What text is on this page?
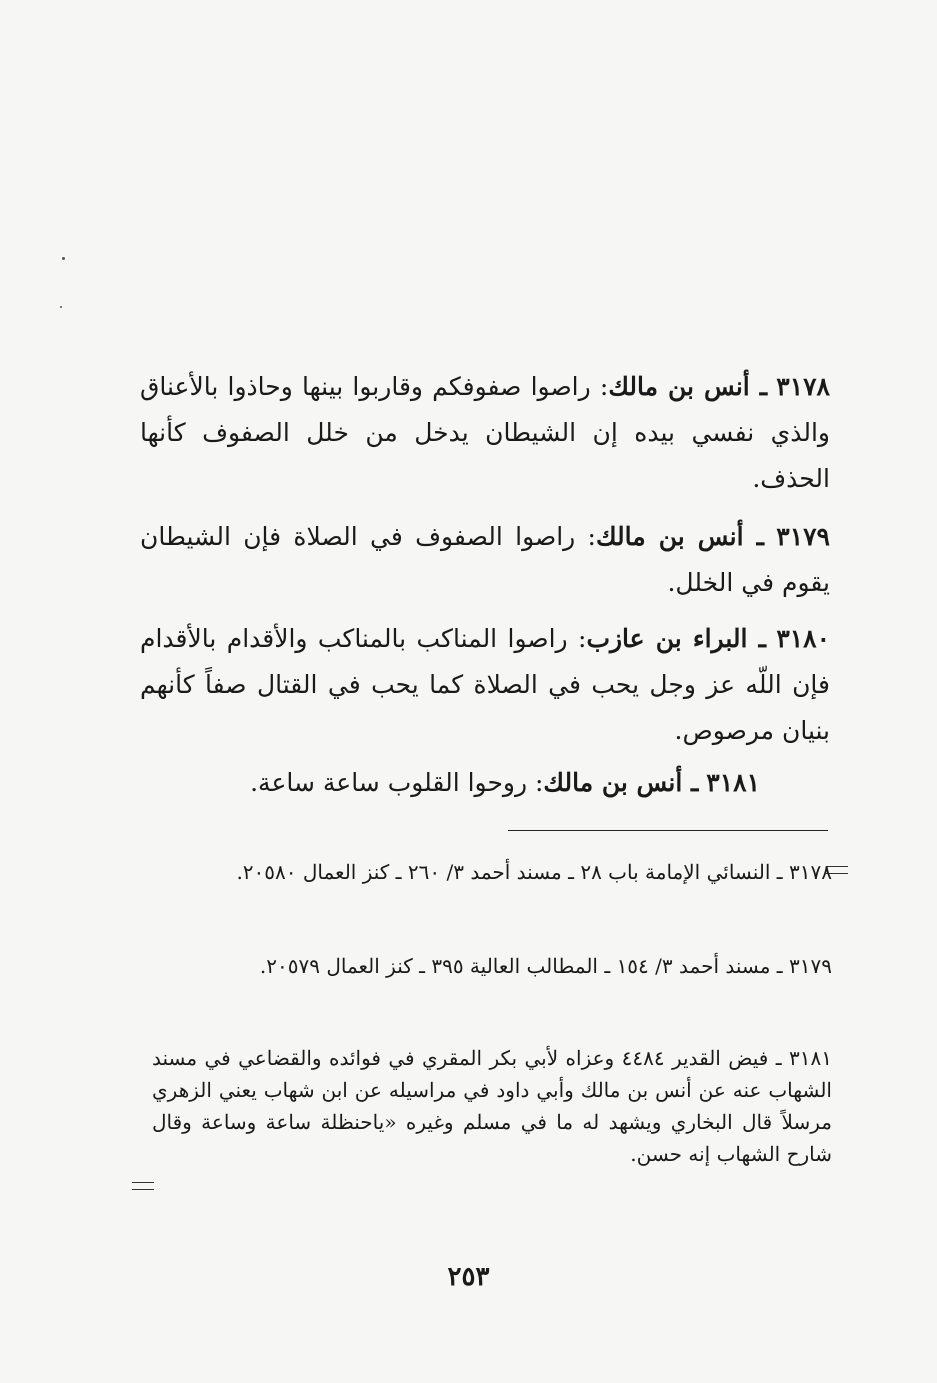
٣١٧٨ ـ أنس بن مالك: راصوا صفوفكم وقاربوا بينها وحاذوا بالأعناق والذي نفسي بيده إن الشيطان يدخل من خلل الصفوف كأنها الحذف.
٣١٧٩ ـ أنس بن مالك: راصوا الصفوف في الصلاة فإن الشيطان يقوم في الخلل.
٣١٨٠ ـ البراء بن عازب: راصوا المناكب بالمناكب والأقدام بالأقدام فإن اللّه عز وجل يحب في الصلاة كما يحب في القتال صفاً كأنهم بنيان مرصوص.
٣١٨١ ـ أنس بن مالك: روحوا القلوب ساعة ساعة.
٣١٧٨ ـ النسائي الإمامة باب ٢٨ ـ مسند أحمد ٣/ ٢٦٠ ـ كنز العمال ٢٠٥٨٠.
٣١٧٩ ـ مسند أحمد ٣/ ١٥٤ ـ المطالب العالية ٣٩٥ ـ كنز العمال ٢٠٥٧٩.
٣١٨١ ـ فيض القدير ٤٤٨٤ وعزاه لأبي بكر المقري في فوائده والقضاعي في مسند الشهاب عنه عن أنس بن مالك وأبي داود في مراسيله عن ابن شهاب يعني الزهري مرسلاً قال البخاري ويشهد له ما في مسلم وغيره «ياحنظلة ساعة وساعة وقال شارح الشهاب إنه حسن.
٢٥٣
